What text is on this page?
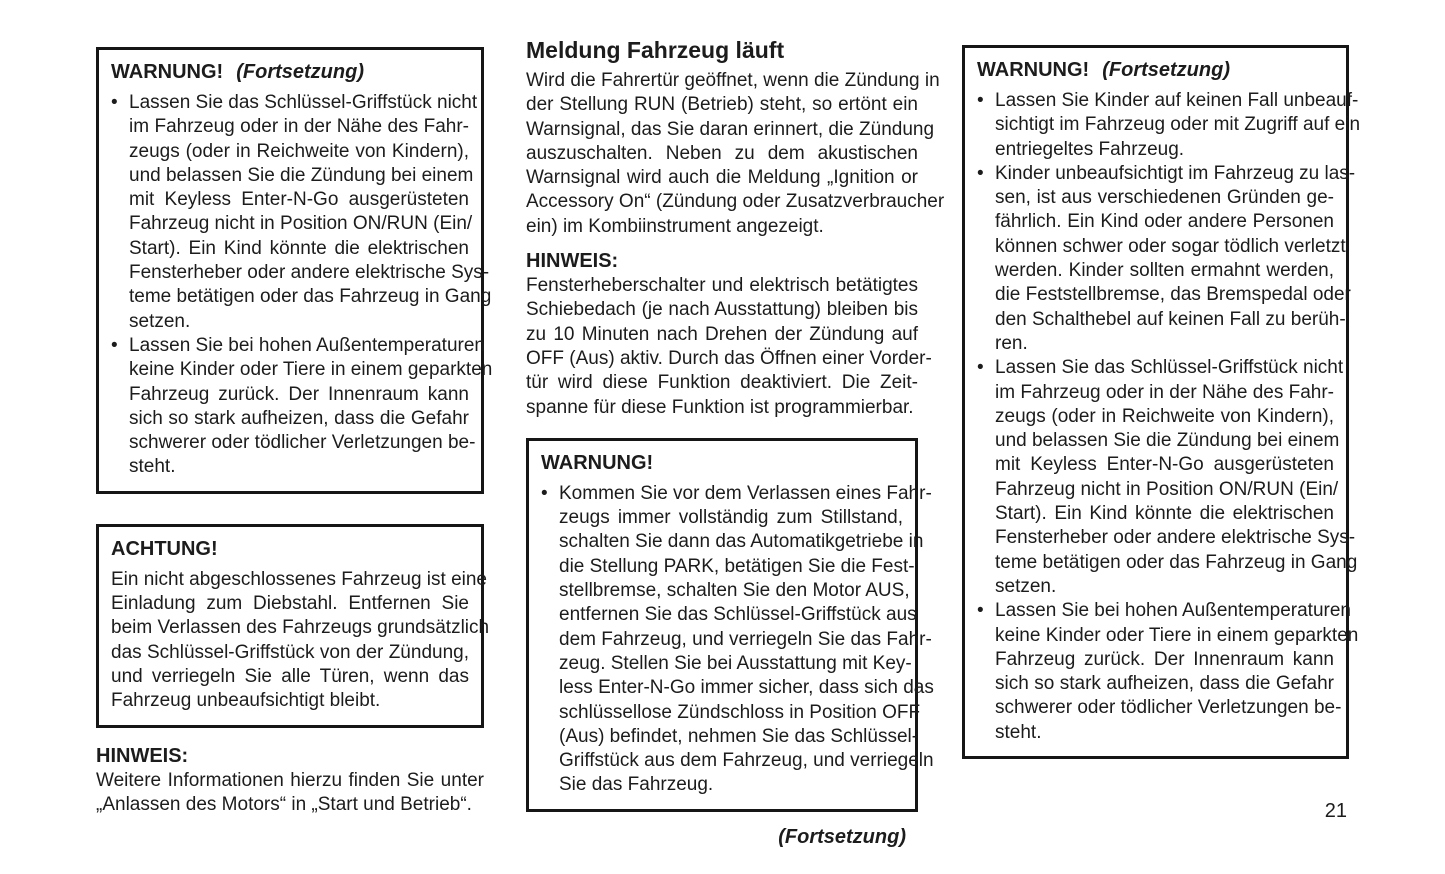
WARNUNG! (Fortsetzung)
• Lassen Sie das Schlüssel-Griffstück nicht
im Fahrzeug oder in der Nähe des Fahr-
zeugs (oder in Reichweite von Kindern),
und belassen Sie die Zündung bei einem
mit Keyless Enter-N-Go ausgerüsteten
Fahrzeug nicht in Position ON/RUN (Ein/
Start). Ein Kind könnte die elektrischen
Fensterheber oder andere elektrische Sys-
teme betätigen oder das Fahrzeug in Gang
setzen.
• Lassen Sie bei hohen Außentemperaturen
keine Kinder oder Tiere in einem geparkten
Fahrzeug zurück. Der Innenraum kann
sich so stark aufheizen, dass die Gefahr
schwerer oder tödlicher Verletzungen be-
steht.
ACHTUNG!
Ein nicht abgeschlossenes Fahrzeug ist eine
Einladung zum Diebstahl. Entfernen Sie
beim Verlassen des Fahrzeugs grundsätzlich
das Schlüssel-Griffstück von der Zündung,
und verriegeln Sie alle Türen, wenn das
Fahrzeug unbeaufsichtigt bleibt.
HINWEIS:
Weitere Informationen hierzu finden Sie unter
„Anlassen des Motors“ in „Start und Betrieb“.
Meldung Fahrzeug läuft
Wird die Fahrertür geöffnet, wenn die Zündung in
der Stellung RUN (Betrieb) steht, so ertönt ein
Warnsignal, das Sie daran erinnert, die Zündung
auszuschalten. Neben zu dem akustischen
Warnsignal wird auch die Meldung „Ignition or
Accessory On“ (Zündung oder Zusatzverbraucher
ein) im Kombiinstrument angezeigt.
HINWEIS:
Fensterheberschalter und elektrisch betätigtes
Schiebedach (je nach Ausstattung) bleiben bis
zu 10 Minuten nach Drehen der Zündung auf
OFF (Aus) aktiv. Durch das Öffnen einer Vorder-
tür wird diese Funktion deaktiviert. Die Zeit-
spanne für diese Funktion ist programmierbar.
WARNUNG!
• Kommen Sie vor dem Verlassen eines Fahr-
zeugs immer vollständig zum Stillstand,
schalten Sie dann das Automatikgetriebe in
die Stellung PARK, betätigen Sie die Fest-
stellbremse, schalten Sie den Motor AUS,
entfernen Sie das Schlüssel-Griffstück aus
dem Fahrzeug, und verriegeln Sie das Fahr-
zeug. Stellen Sie bei Ausstattung mit Key-
less Enter-N-Go immer sicher, dass sich das
schlüssellose Zündschloss in Position OFF
(Aus) befindet, nehmen Sie das Schlüssel-
Griffstück aus dem Fahrzeug, und verriegeln
Sie das Fahrzeug.
(Fortsetzung)
WARNUNG! (Fortsetzung)
• Lassen Sie Kinder auf keinen Fall unbeauf-
sichtigt im Fahrzeug oder mit Zugriff auf ein
entriegeltes Fahrzeug.
• Kinder unbeaufsichtigt im Fahrzeug zu las-
sen, ist aus verschiedenen Gründen ge-
fährlich. Ein Kind oder andere Personen
können schwer oder sogar tödlich verletzt
werden. Kinder sollten ermahnt werden,
die Feststellbremse, das Bremspedal oder
den Schalthebel auf keinen Fall zu berüh-
ren.
• Lassen Sie das Schlüssel-Griffstück nicht
im Fahrzeug oder in der Nähe des Fahr-
zeugs (oder in Reichweite von Kindern),
und belassen Sie die Zündung bei einem
mit Keyless Enter-N-Go ausgerüsteten
Fahrzeug nicht in Position ON/RUN (Ein/
Start). Ein Kind könnte die elektrischen
Fensterheber oder andere elektrische Sys-
teme betätigen oder das Fahrzeug in Gang
setzen.
• Lassen Sie bei hohen Außentemperaturen
keine Kinder oder Tiere in einem geparkten
Fahrzeug zurück. Der Innenraum kann
sich so stark aufheizen, dass die Gefahr
schwerer oder tödlicher Verletzungen be-
steht.
21
